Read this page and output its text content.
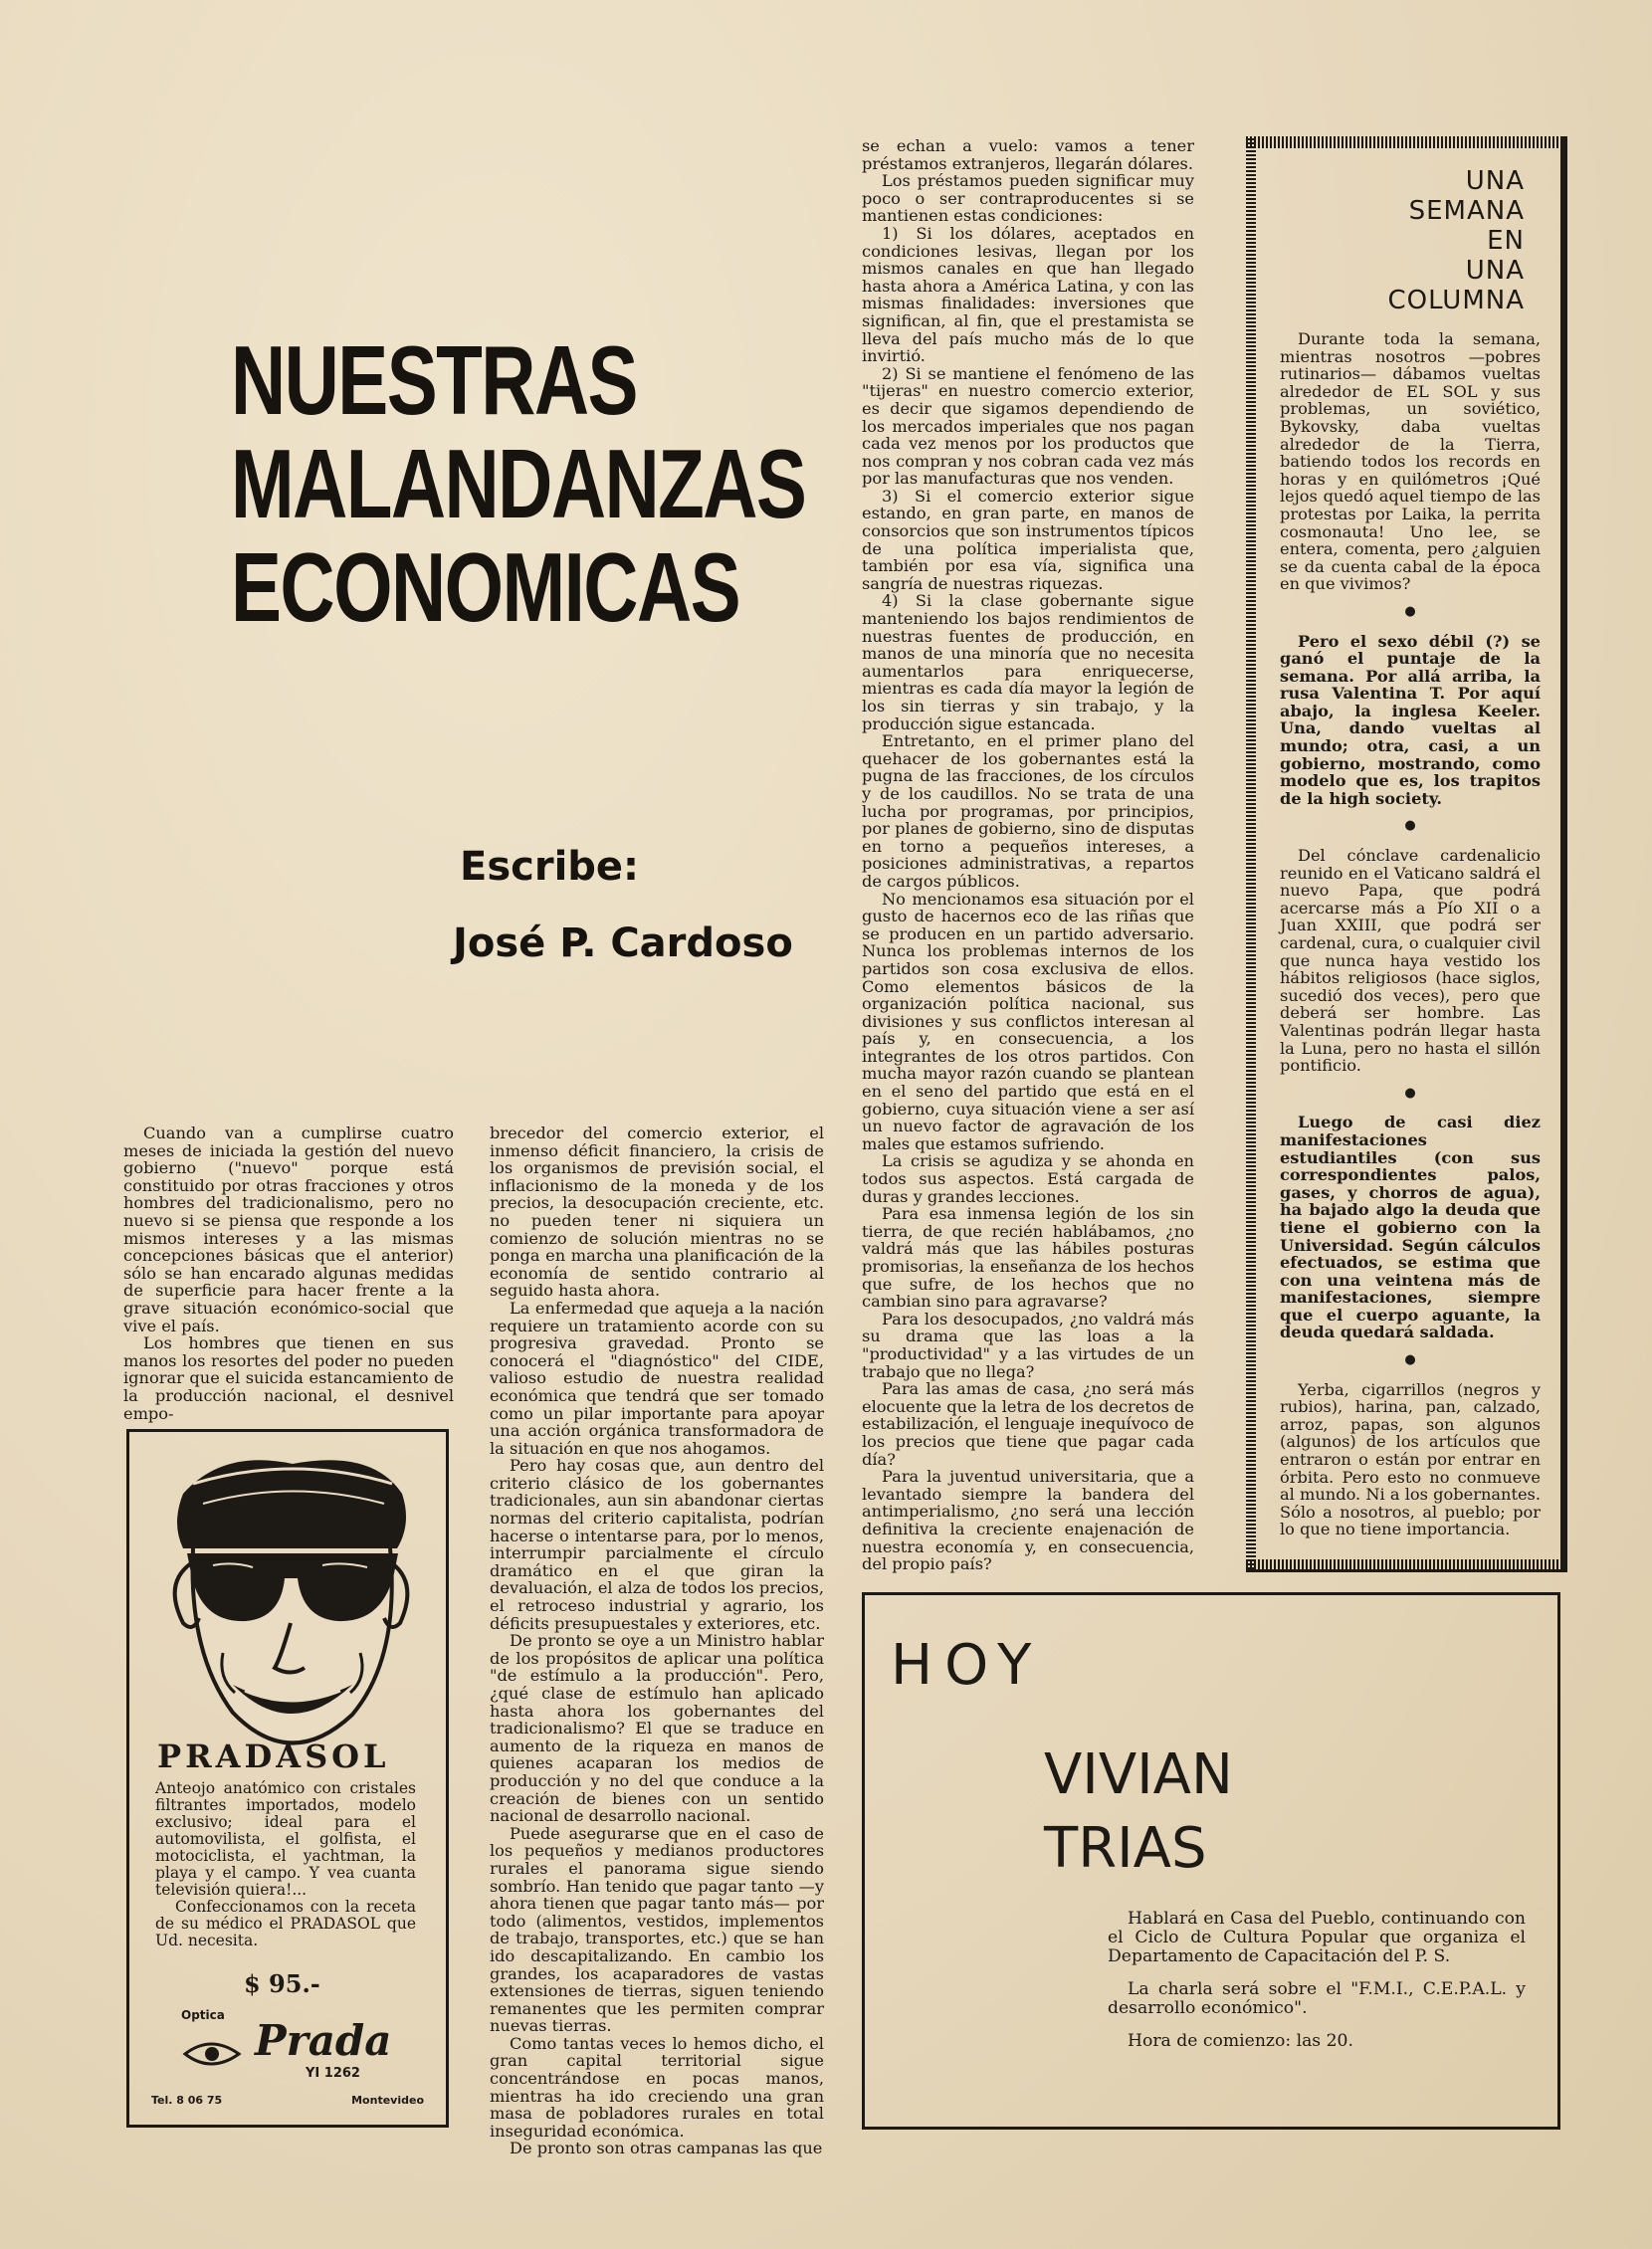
NUESTRAS
MALANDANZAS
ECONOMICAS
Escribe:
José P. Cardoso

Cuando van a cumplirse cuatro meses de iniciada la gestión del nuevo gobierno ("nuevo" porque está constituido por otras fracciones y otros hombres del tradicionalismo, pero no nuevo si se piensa que responde a los mismos intereses y a las mismas concepciones básicas que el anterior) sólo se han encarado algunas medidas de superficie para hacer frente a la grave situación económico-social que vive el país.

Los hombres que tienen en sus manos los resortes del poder no pueden ignorar que el suicida estancamiento de la producción nacional, el desnivel empo-

brecedor del comercio exterior, el inmenso déficit financiero, la crisis de los organismos de previsión social, el inflacionismo de la moneda y de los precios, la desocupación creciente, etc. no pueden tener ni siquiera un comienzo de solución mientras no se ponga en marcha una planificación de la economía de sentido contrario al seguido hasta ahora.

La enfermedad que aqueja a la nación requiere un tratamiento acorde con su progresiva gravedad. Pronto se conocerá el "diagnóstico" del CIDE, valioso estudio de nuestra realidad económica que tendrá que ser tomado como un pilar importante para apoyar una acción orgánica transformadora de la situación en que nos ahogamos.

Pero hay cosas que, aun dentro del criterio clásico de los gobernantes tradicionales, aun sin abandonar ciertas normas del criterio capitalista, podrían hacerse o intentarse para, por lo menos, interrumpir parcialmente el círculo dramático en el que giran la devaluación, el alza de todos los precios, el retroceso industrial y agrario, los déficits presupuestales y exteriores, etc.

De pronto se oye a un Ministro hablar de los propósitos de aplicar una política "de estímulo a la producción". Pero, ¿qué clase de estímulo han aplicado hasta ahora los gobernantes del tradicionalismo? El que se traduce en aumento de la riqueza en manos de quienes acaparan los medios de producción y no del que conduce a la creación de bienes con un sentido nacional de desarrollo nacional.

Puede asegurarse que en el caso de los pequeños y medianos productores rurales el panorama sigue siendo sombrío. Han tenido que pagar tanto —y ahora tienen que pagar tanto más— por todo (alimentos, vestidos, implementos de trabajo, transportes, etc.) que se han ido descapitalizando. En cambio los grandes, los acaparadores de vastas extensiones de tierras, siguen teniendo remanentes que les permiten comprar nuevas tierras.

Como tantas veces lo hemos dicho, el gran capital territorial sigue concentrándose en pocas manos, mientras ha ido creciendo una gran masa de pobladores rurales en total inseguridad económica.

De pronto son otras campanas las que

se echan a vuelo: vamos a tener préstamos extranjeros, llegarán dólares.

Los préstamos pueden significar muy poco o ser contraproducentes si se mantienen estas condiciones:

1) Si los dólares, aceptados en condiciones lesivas, llegan por los mismos canales en que han llegado hasta ahora a América Latina, y con las mismas finalidades: inversiones que significan, al fin, que el prestamista se lleva del país mucho más de lo que invirtió.

2) Si se mantiene el fenómeno de las "tijeras" en nuestro comercio exterior, es decir que sigamos dependiendo de los mercados imperiales que nos pagan cada vez menos por los productos que nos compran y nos cobran cada vez más por las manufacturas que nos venden.

3) Si el comercio exterior sigue estando, en gran parte, en manos de consorcios que son instrumentos típicos de una política imperialista que, también por esa vía, significa una sangría de nuestras riquezas.

4) Si la clase gobernante sigue manteniendo los bajos rendimientos de nuestras fuentes de producción, en manos de una minoría que no necesita aumentarlos para enriquecerse, mientras es cada día mayor la legión de los sin tierras y sin trabajo, y la producción sigue estancada.

Entretanto, en el primer plano del quehacer de los gobernantes está la pugna de las fracciones, de los círculos y de los caudillos. No se trata de una lucha por programas, por principios, por planes de gobierno, sino de disputas en torno a pequeños intereses, a posiciones administrativas, a repartos de cargos públicos.

No mencionamos esa situación por el gusto de hacernos eco de las riñas que se producen en un partido adversario. Nunca los problemas internos de los partidos son cosa exclusiva de ellos. Como elementos básicos de la organización política nacional, sus divisiones y sus conflictos interesan al país y, en consecuencia, a los integrantes de los otros partidos. Con mucha mayor razón cuando se plantean en el seno del partido que está en el gobierno, cuya situación viene a ser así un nuevo factor de agravación de los males que estamos sufriendo.

La crisis se agudiza y se ahonda en todos sus aspectos. Está cargada de duras y grandes lecciones.

Para esa inmensa legión de los sin tierra, de que recién hablábamos, ¿no valdrá más que las hábiles posturas promisorias, la enseñanza de los hechos que sufre, de los hechos que no cambian sino para agravarse?

Para los desocupados, ¿no valdrá más su drama que las loas a la "productividad" y a las virtudes de un trabajo que no llega?

Para las amas de casa, ¿no será más elocuente que la letra de los decretos de estabilización, el lenguaje inequívoco de los precios que tiene que pagar cada día?

Para la juventud universitaria, que a levantado siempre la bandera del antimperialismo, ¿no será una lección definitiva la creciente enajenación de nuestra economía y, en consecuencia, del propio país?

UNA
SEMANA
EN
UNA
COLUMNA

Durante toda la semana, mientras nosotros —pobres rutinarios— dábamos vueltas alrededor de EL SOL y sus problemas, un soviético, Bykovsky, daba vueltas alrededor de la Tierra, batiendo todos los records en horas y en quilómetros ¡Qué lejos quedó aquel tiempo de las protestas por Laika, la perrita cosmonauta! Uno lee, se entera, comenta, pero ¿alguien se da cuenta cabal de la época en que vivimos?

●

Pero el sexo débil (?) se ganó el puntaje de la semana. Por allá arriba, la rusa Valentina T. Por aquí abajo, la inglesa Keeler. Una, dando vueltas al mundo; otra, casi, a un gobierno, mostrando, como modelo que es, los trapitos de la high society.

●

Del cónclave cardenalicio reunido en el Vaticano saldrá el nuevo Papa, que podrá acercarse más a Pío XII o a Juan XXIII, que podrá ser cardenal, cura, o cualquier civil que nunca haya vestido los hábitos religiosos (hace siglos, sucedió dos veces), pero que deberá ser hombre. Las Valentinas podrán llegar hasta la Luna, pero no hasta el sillón pontificio.

●

Luego de casi diez manifestaciones estudiantiles (con sus correspondientes palos, gases, y chorros de agua), ha bajado algo la deuda que tiene el gobierno con la Universidad. Según cálculos efectuados, se estima que con una veintena más de manifestaciones, siempre que el cuerpo aguante, la deuda quedará saldada.

●

Yerba, cigarrillos (negros y rubios), harina, pan, calzado, arroz, papas, son algunos (algunos) de los artículos que entraron o están por entrar en órbita. Pero esto no conmueve al mundo. Ni a los gobernantes. Sólo a nosotros, al pueblo; por lo que no tiene importancia.

PRADASOL

Anteojo anatómico con cristales filtrantes importados, modelo exclusivo; ideal para el automovilista, el golfista, el motociclista, el yachtman, la playa y el campo. Y vea cuanta televisión quiera!...

Confeccionamos con la receta de su médico el PRADASOL que Ud. necesita.

$ 95.-
Optica
Prada
YI 1262
Tel. 8 06 75	Montevideo
HOY
VIVIAN
TRIAS

Hablará en Casa del Pueblo, continuando con el Ciclo de Cultura Popular que organiza el Departamento de Capacitación del P. S.

La charla será sobre el "F.M.I., C.E.P.A.L. y desarrollo económico".

Hora de comienzo: las 20.
